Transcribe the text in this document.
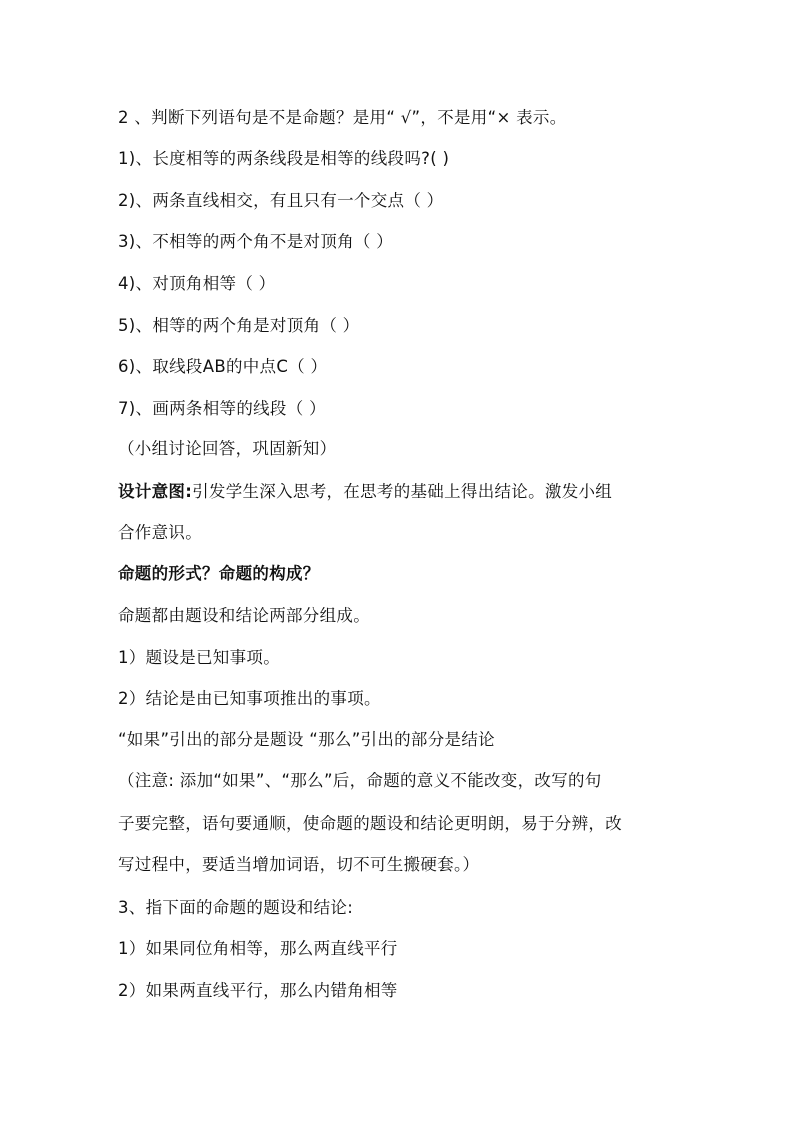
2 、判断下列语句是不是命题？是用“ √”，不是用“× 表示。
1)、长度相等的两条线段是相等的线段吗?( )
2)、两条直线相交，有且只有一个交点（ ）
3)、不相等的两个角不是对顶角（ ）
4)、对顶角相等（ ）
5)、相等的两个角是对顶角（ ）
6)、取线段AB的中点C（ ）
7)、画两条相等的线段（ ）
（小组讨论回答，巩固新知）
设计意图:引发学生深入思考，在思考的基础上得出结论。激发小组
合作意识。
命题的形式？命题的构成？
命题都由题设和结论两部分组成。
1）题设是已知事项。
2）结论是由已知事项推出的事项。
“如果”引出的部分是题设 “那么”引出的部分是结论
（注意: 添加“如果”、“那么”后，命题的意义不能改变，改写的句
子要完整，语句要通顺，使命题的题设和结论更明朗，易于分辨，改
写过程中，要适当增加词语，切不可生搬硬套。）
3、指下面的命题的题设和结论:
1）如果同位角相等，那么两直线平行
2）如果两直线平行，那么内错角相等
